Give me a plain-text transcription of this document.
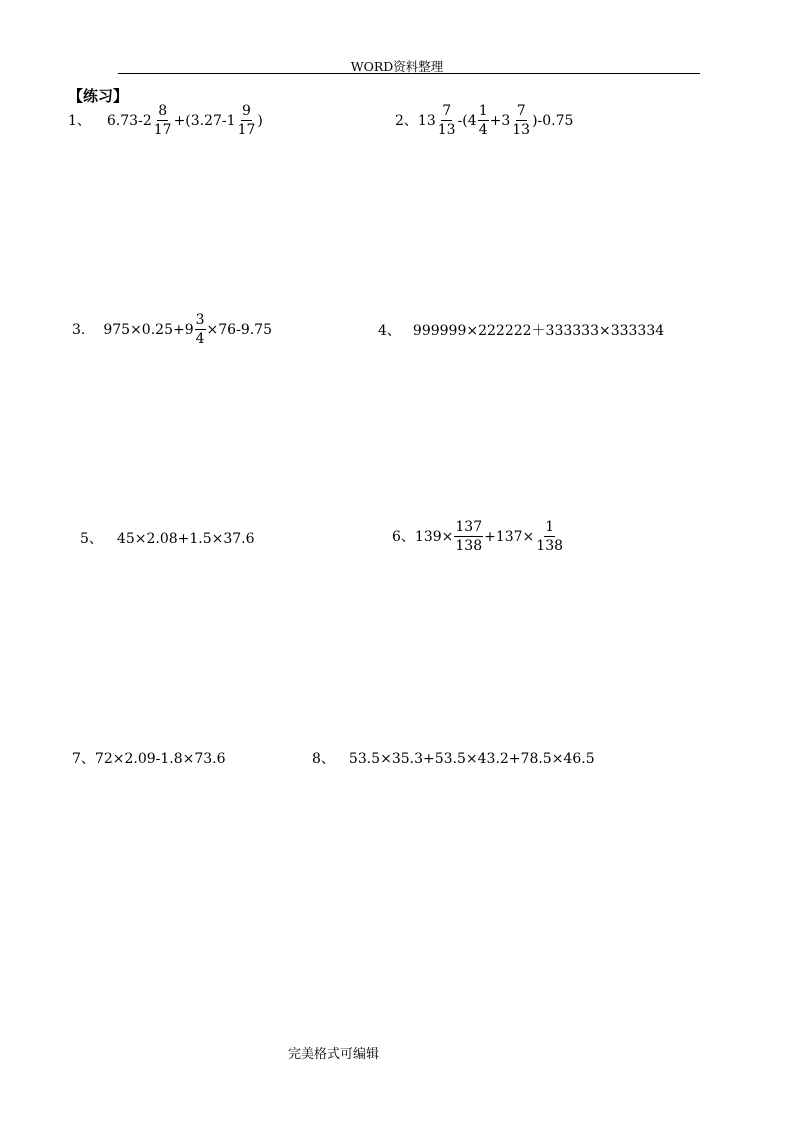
WORD资料整理
【练习】
1、 $6.73-2 \frac{8}{17} +(3.27-1 \frac{9}{17}$ )	2、 $13 \frac{7}{13} -(4 \frac{1}{4} +3 \frac{7}{13} )-0.75$
3. $975\times 0.25+9 \frac{3}{4} \times 76-9.75$	4、 999999×222222＋333333×333334
5、 45×2.08+1.5×37.6	6、 $139\times \frac{137}{138} +137\times \frac{1}{138}$
7、 72×2.09-1.8×73.6	8、 53.5×35.3+53.5×43.2+78.5×46.5
完美格式可编辑
